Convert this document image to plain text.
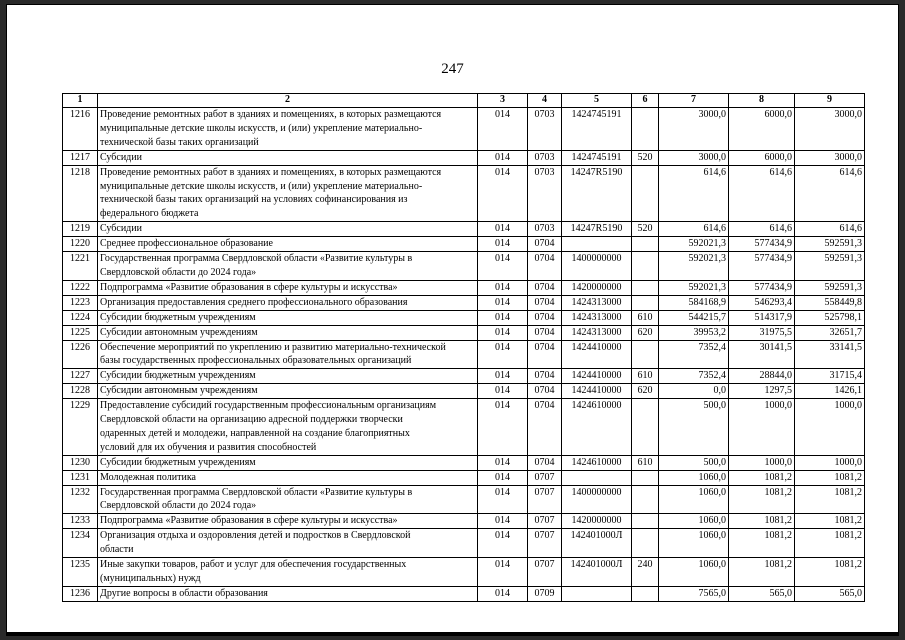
247
1	2	3	4	5	6	7	8	9
1216	Проведение ремонтных работ в зданиях и помещениях, в которых размещаются
муниципальные детские школы искусств, и (или) укрепление материально-
технической базы таких организаций	014	0703	1424745191		3000,0	6000,0	3000,0
1217	Субсидии	014	0703	1424745191	520	3000,0	6000,0	3000,0
1218	Проведение ремонтных работ в зданиях и помещениях, в которых размещаются
муниципальные детские школы искусств, и (или) укрепление материально-
технической базы таких организаций на условиях софинансирования из
федерального бюджета	014	0703	14247R5190		614,6	614,6	614,6
1219	Субсидии	014	0703	14247R5190	520	614,6	614,6	614,6
1220	Среднее профессиональное образование	014	0704			592021,3	577434,9	592591,3
1221	Государственная программа Свердловской области «Развитие культуры в
Свердловской области до 2024 года»	014	0704	1400000000		592021,3	577434,9	592591,3
1222	Подпрограмма «Развитие образования в сфере культуры и искусства»	014	0704	1420000000		592021,3	577434,9	592591,3
1223	Организация предоставления среднего профессионального образования	014	0704	1424313000		584168,9	546293,4	558449,8
1224	Субсидии бюджетным учреждениям	014	0704	1424313000	610	544215,7	514317,9	525798,1
1225	Субсидии автономным учреждениям	014	0704	1424313000	620	39953,2	31975,5	32651,7
1226	Обеспечение мероприятий по укреплению и развитию материально-технической
базы государственных профессиональных образовательных организаций	014	0704	1424410000		7352,4	30141,5	33141,5
1227	Субсидии бюджетным учреждениям	014	0704	1424410000	610	7352,4	28844,0	31715,4
1228	Субсидии автономным учреждениям	014	0704	1424410000	620	0,0	1297,5	1426,1
1229	Предоставление субсидий государственным профессиональным организациям
Свердловской области на организацию адресной поддержки творчески
одаренных детей и молодежи, направленной на создание благоприятных
условий для их обучения и развития способностей	014	0704	1424610000		500,0	1000,0	1000,0
1230	Субсидии бюджетным учреждениям	014	0704	1424610000	610	500,0	1000,0	1000,0
1231	Молодежная политика	014	0707			1060,0	1081,2	1081,2
1232	Государственная программа Свердловской области «Развитие культуры в
Свердловской области до 2024 года»	014	0707	1400000000		1060,0	1081,2	1081,2
1233	Подпрограмма «Развитие образования в сфере культуры и искусства»	014	0707	1420000000		1060,0	1081,2	1081,2
1234	Организация отдыха и оздоровления детей и подростков в Свердловской
области	014	0707	142401000Л		1060,0	1081,2	1081,2
1235	Иные закупки товаров, работ и услуг для обеспечения государственных
(муниципальных) нужд	014	0707	142401000Л	240	1060,0	1081,2	1081,2
1236	Другие вопросы в области образования	014	0709			7565,0	565,0	565,0
